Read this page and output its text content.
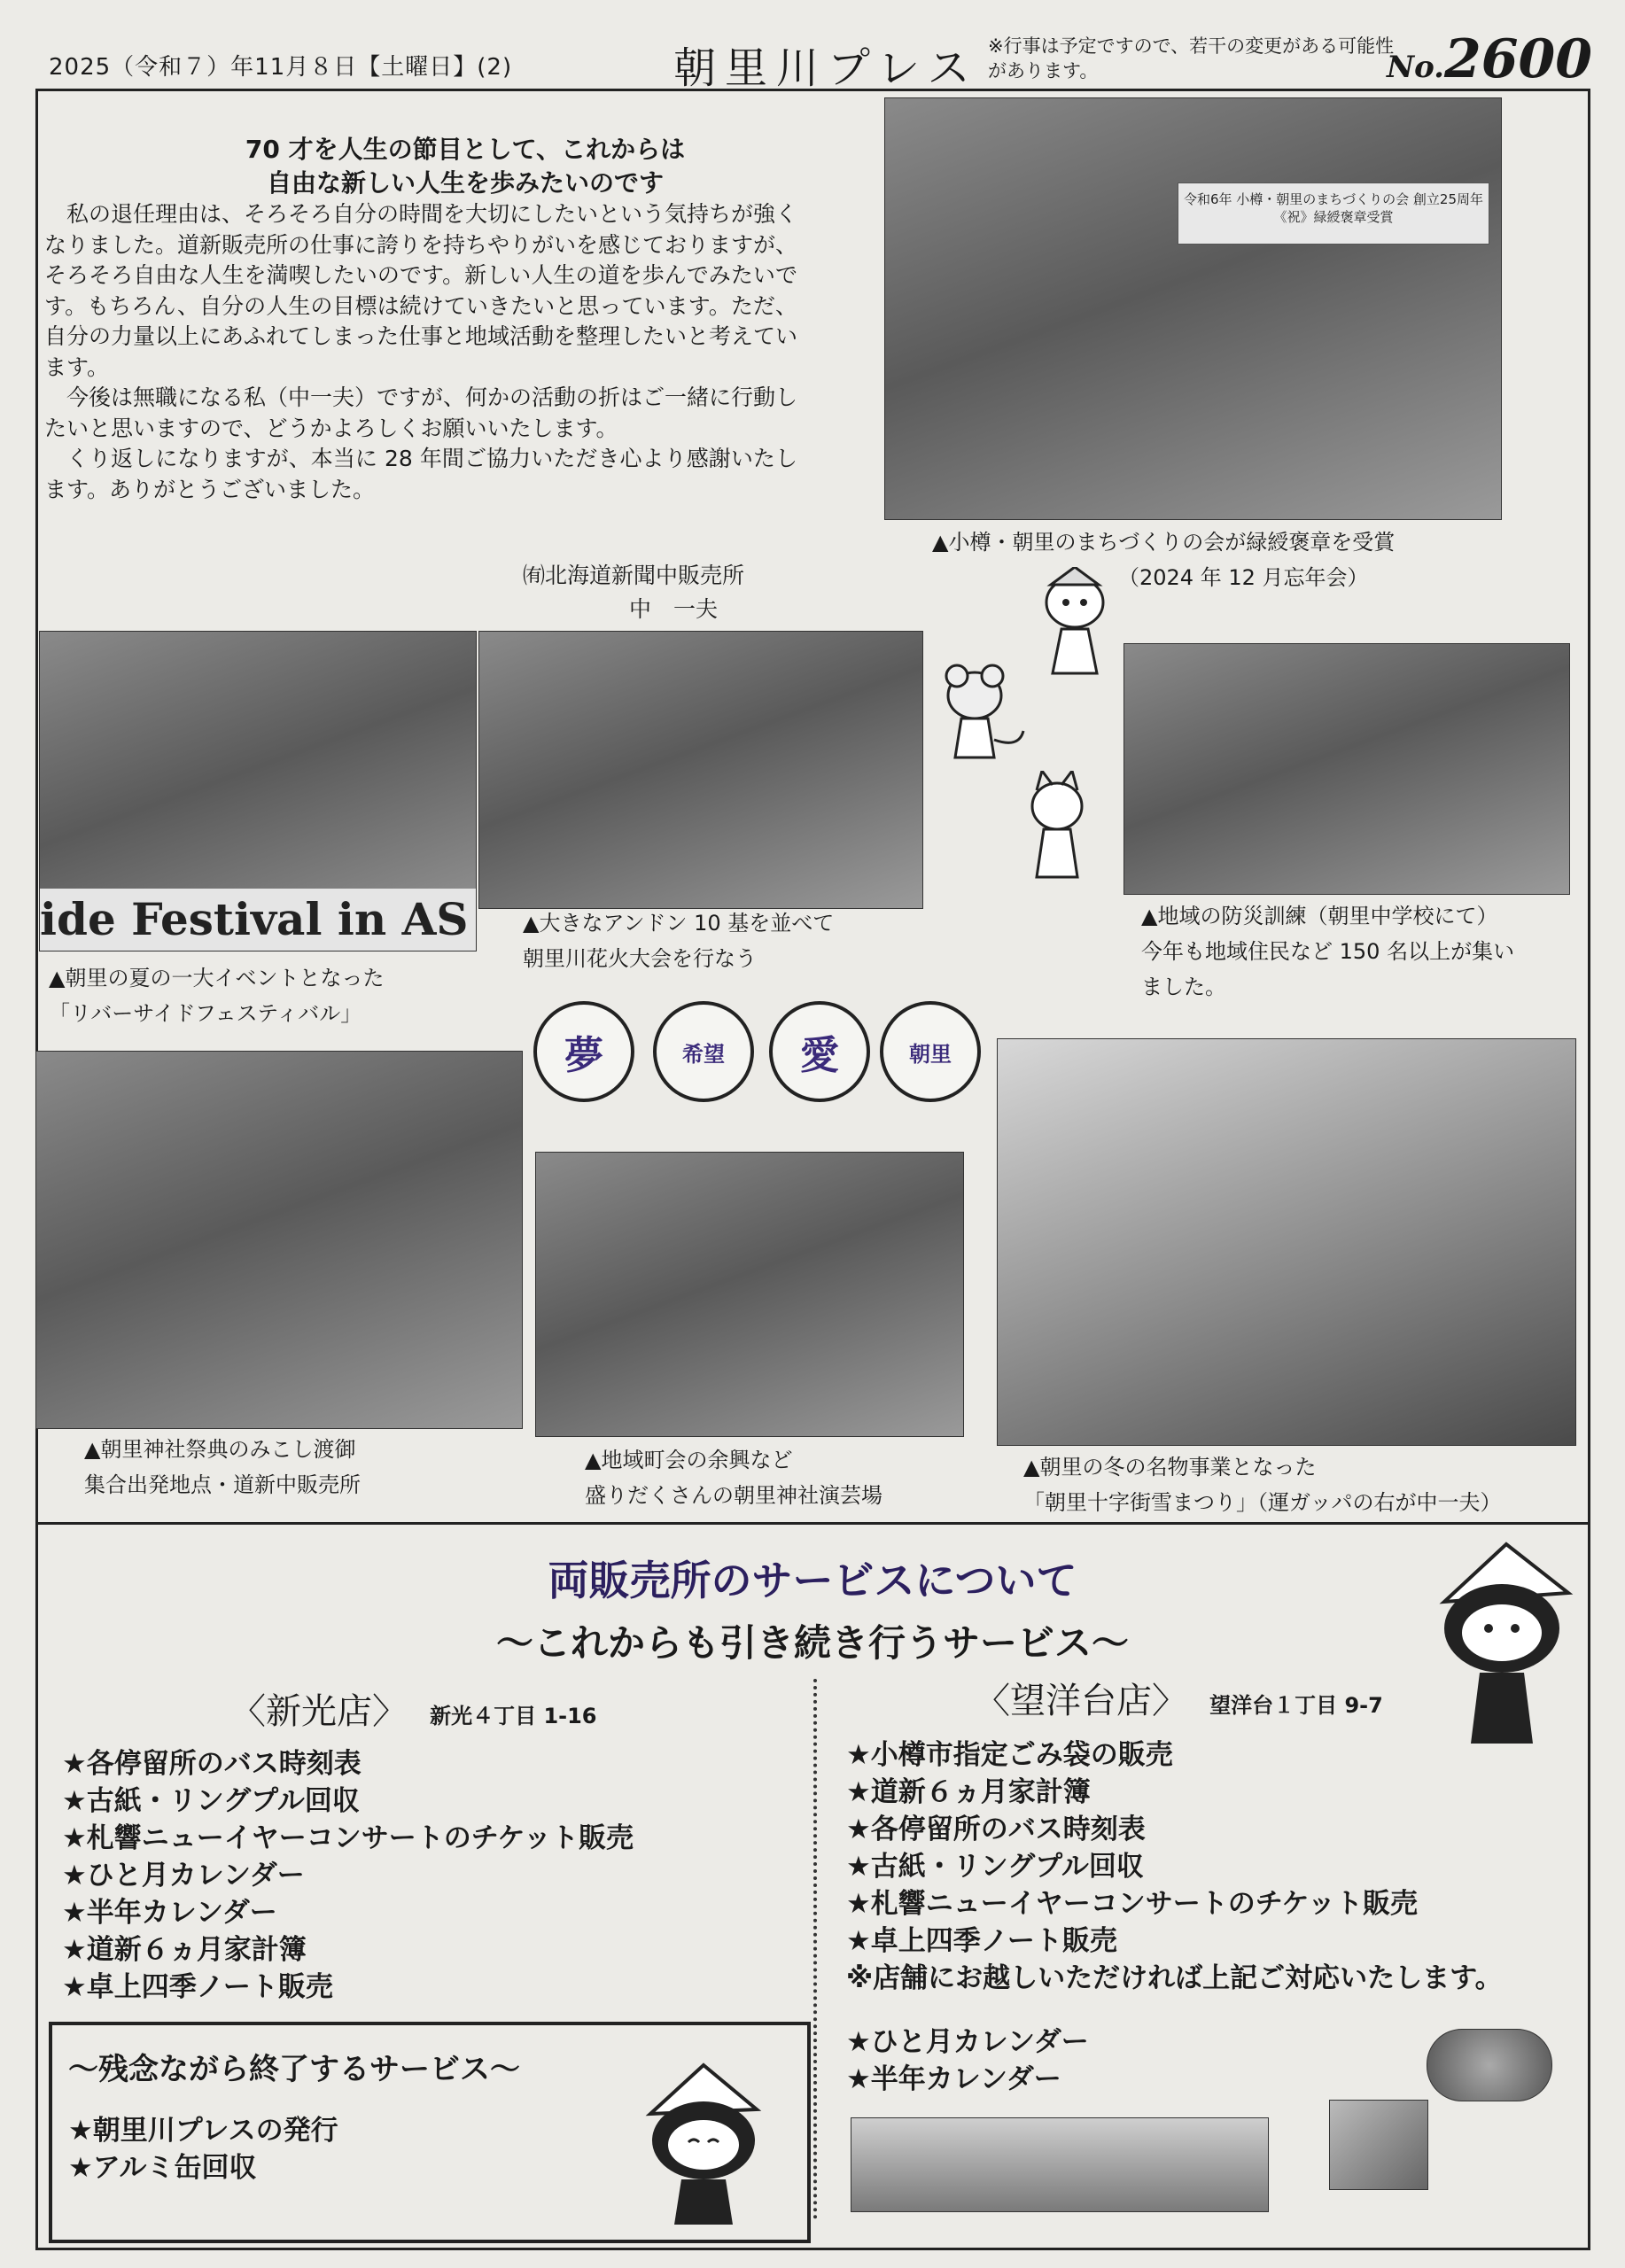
2025（令和７）年11月８日【土曜日】(2)	朝里川プレス ※行事は予定ですので、若干の変更がある可能性があります。	No.2600
70 才を人生の節目として、これからは
自由な新しい人生を歩みたいのです

私の退任理由は、そろそろ自分の時間を大切にしたいという気持ちが強くなりました。道新販売所の仕事に誇りを持ちやりがいを感じておりますが、そろそろ自由な人生を満喫したいのです。新しい人生の道を歩んでみたいです。もちろん、自分の人生の目標は続けていきたいと思っています。ただ、自分の力量以上にあふれてしまった仕事と地域活動を整理したいと考えています。

今後は無職になる私（中一夫）ですが、何かの活動の折はご一緒に行動したいと思いますので、どうかよろしくお願いいたします。

くり返しになりますが、本当に 28 年間ご協力いただき心より感謝いたします。ありがとうございました。

㈲北海道新聞中販売所
中　一夫
令和6年 小樽・朝里のまちづくりの会 創立25周年《祝》緑綬褒章受賞
▲小樽・朝里のまちづくりの会が緑綬褒章を受賞
（2024 年 12 月忘年会）
ide Festival in AS
▲朝里の夏の一大イベントとなった
「リバーサイドフェスティバル」
▲大きなアンドン 10 基を並べて
朝里川花火大会を行なう
▲地域の防災訓練（朝里中学校にて）
今年も地域住民など 150 名以上が集い
ました。
夢	希望	愛	朝里
▲朝里神社祭典のみこし渡御
集合出発地点・道新中販売所
▲地域町会の余興など
盛りだくさんの朝里神社演芸場
▲朝里の冬の名物事業となった
「朝里十字街雪まつり」（運ガッパの右が中一夫）
両販売所のサービスについて
～これからも引き続き行うサービス～
〈新光店〉 新光４丁目 1-16
★各停留所のバス時刻表
★古紙・リングプル回収
★札響ニューイヤーコンサートのチケット販売
★ひと月カレンダー
★半年カレンダー
★道新６ヵ月家計簿
★卓上四季ノート販売
〈望洋台店〉 望洋台１丁目 9-7
★小樽市指定ごみ袋の販売
★道新６ヵ月家計簿
★各停留所のバス時刻表
★古紙・リングプル回収
★札響ニューイヤーコンサートのチケット販売
★卓上四季ノート販売
※店舗にお越しいただければ上記ご対応いたします。
★ひと月カレンダー
★半年カレンダー
～残念ながら終了するサービス～
★朝里川プレスの発行
★アルミ缶回収
